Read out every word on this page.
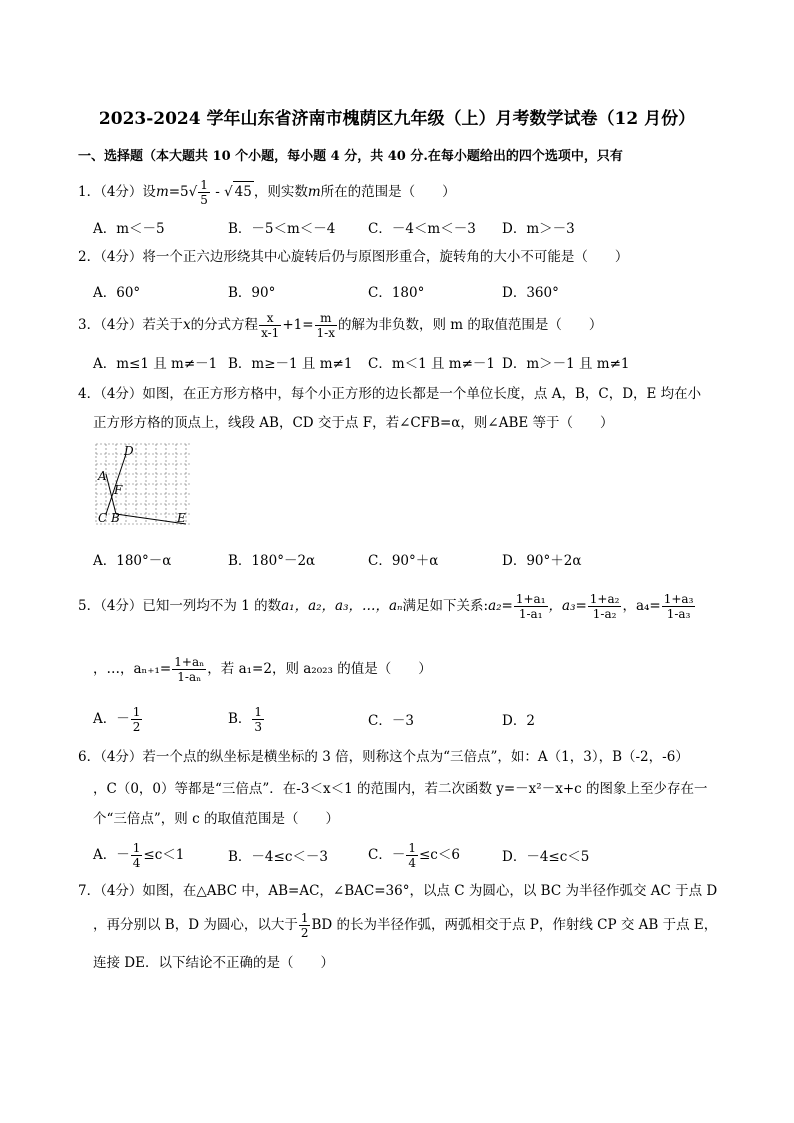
2023-2024 学年山东省济南市槐荫区九年级（上）月考数学试卷（12 月份）
一、选择题（本大题共 10 个小题，每小题 4 分，共 40 分.在每小题给出的四个选项中，只有
1．（4分）设$m=5√ \frac{1}{5}$ - √ 45 ，则实数m所在的范围是（　　）
A．m＜－5	B．－5＜m＜－4 C．－4＜m＜－3 D．m＞－3
2．（4分）将一个正六边形绕其中心旋转后仍与原图形重合，旋转角的大小不可能是（　　）
A．60°	B．90°	C．180°	D．360°
3．（4分）若关于x的分式方程 $\frac{x}{x-1} +1= \frac{m}{1-x}$ 的解为非负数，则 m 的取值范围是（　　）
A．m≤1 且 m≠－1 B．m≥－1 且 m≠1 C．m＜1 且 m≠－1 D．m＞－1 且 m≠1
4．（4分）如图，在正方形方格中，每个小正方形的边长都是一个单位长度，点 A，B，C，D，E 均在小
正方形方格的顶点上，线段 AB，CD 交于点 F，若∠CFB=α，则∠ABE 等于（　　）
D
A
F
C B	E
A．180°－α	B．180°－2α	C．90°＋α	D．90°＋2α
5．（4分）已知一列均不为 1 的数a₁，a₂，a₃，…，aₙ满足如下关系:a₂= $\frac{\text{1+a₁}}{\text{1-a₁}}$ ，$a_3= \frac{\text{1+a₂}}{\text{1-a₂}}$ ，$a_4= \frac{\text{1+a₃}}{\text{1-a₃}}$
，…，$a_{n+1}= \frac{\text{1+aₙ}}{\text{1-aₙ}}$ ，若 a₁=2，则 a₂₀₂₃ 的值是（　　）
A．－ $\frac{1}{2}$	B． $\frac{1}{3}$	C．－3	D．2
6．（4分）若一个点的纵坐标是横坐标的 3 倍，则称这个点为“三倍点”，如：A（1，3），B（-2，-6）
，C（0，0）等都是“三倍点”．在-3＜x＜1 的范围内，若二次函数 y=－x²－x+c 的图象上至少存在一
个“三倍点”，则 c 的取值范围是（　　）
A．－ $\frac{1}{4} \le c<1$	B．－4≤c＜－3	C．－ $\frac{1}{4} \le c<6$	D．－4≤c＜5
7．（4分）如图，在△ABC 中，AB=AC，∠BAC=36°，以点 C 为圆心，以 BC 为半径作弧交 AC 于点 D
，再分别以 B，D 为圆心，以大于 $\frac{1}{2}$ BD 的长为半径作弧，两弧相交于点 P，作射线 CP 交 AB 于点 E，
连接 DE．以下结论不正确的是（　　）
